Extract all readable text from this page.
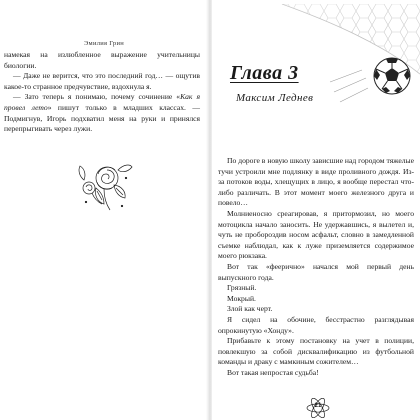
Эмилия Грин

намекая на излюбленное выражение учительницы биологии.

— Даже не верится, что это последний год… — ощутив какое-то странное предчувствие, вздохнула я.

— Зато теперь я понимаю, почему сочинение «Как я провел лето» пишут только в младших классах. — Подмигнув, Игорь подхватил меня на руки и принялся перепрыгивать через лужи.

Глава 3
Максим Леднев

По дороге в новую школу зависшие над городом тяжелые тучи устроили мне подлянку в виде проливного дождя. Из-за потоков воды, хлещущих в лицо, я вообще перестал что-либо различать. В этот момент моего железного друга и повело…

Молниеносно среагировав, я притормозил, но моего мотоцикла начало заносить. Не удержавшись, я вылетел и, чуть не пробороздив носом асфальт, словно в замедленной съемке наблюдал, как к луже приземляется содержимое моего рюкзака.

Вот так «феерично» начался мой первый день выпускного года.

Грязный.

Мокрый.

Злой как черт.

Я сидел на обочине, бесстрастно разглядывая опрокинутую «Хонду».

Прибавьте к этому постановку на учет в полиции, повлекшую за собой дисквалификацию из футбольной команды и драку с мамкиным сожителем…

Вот такая непростая судьба!

21
